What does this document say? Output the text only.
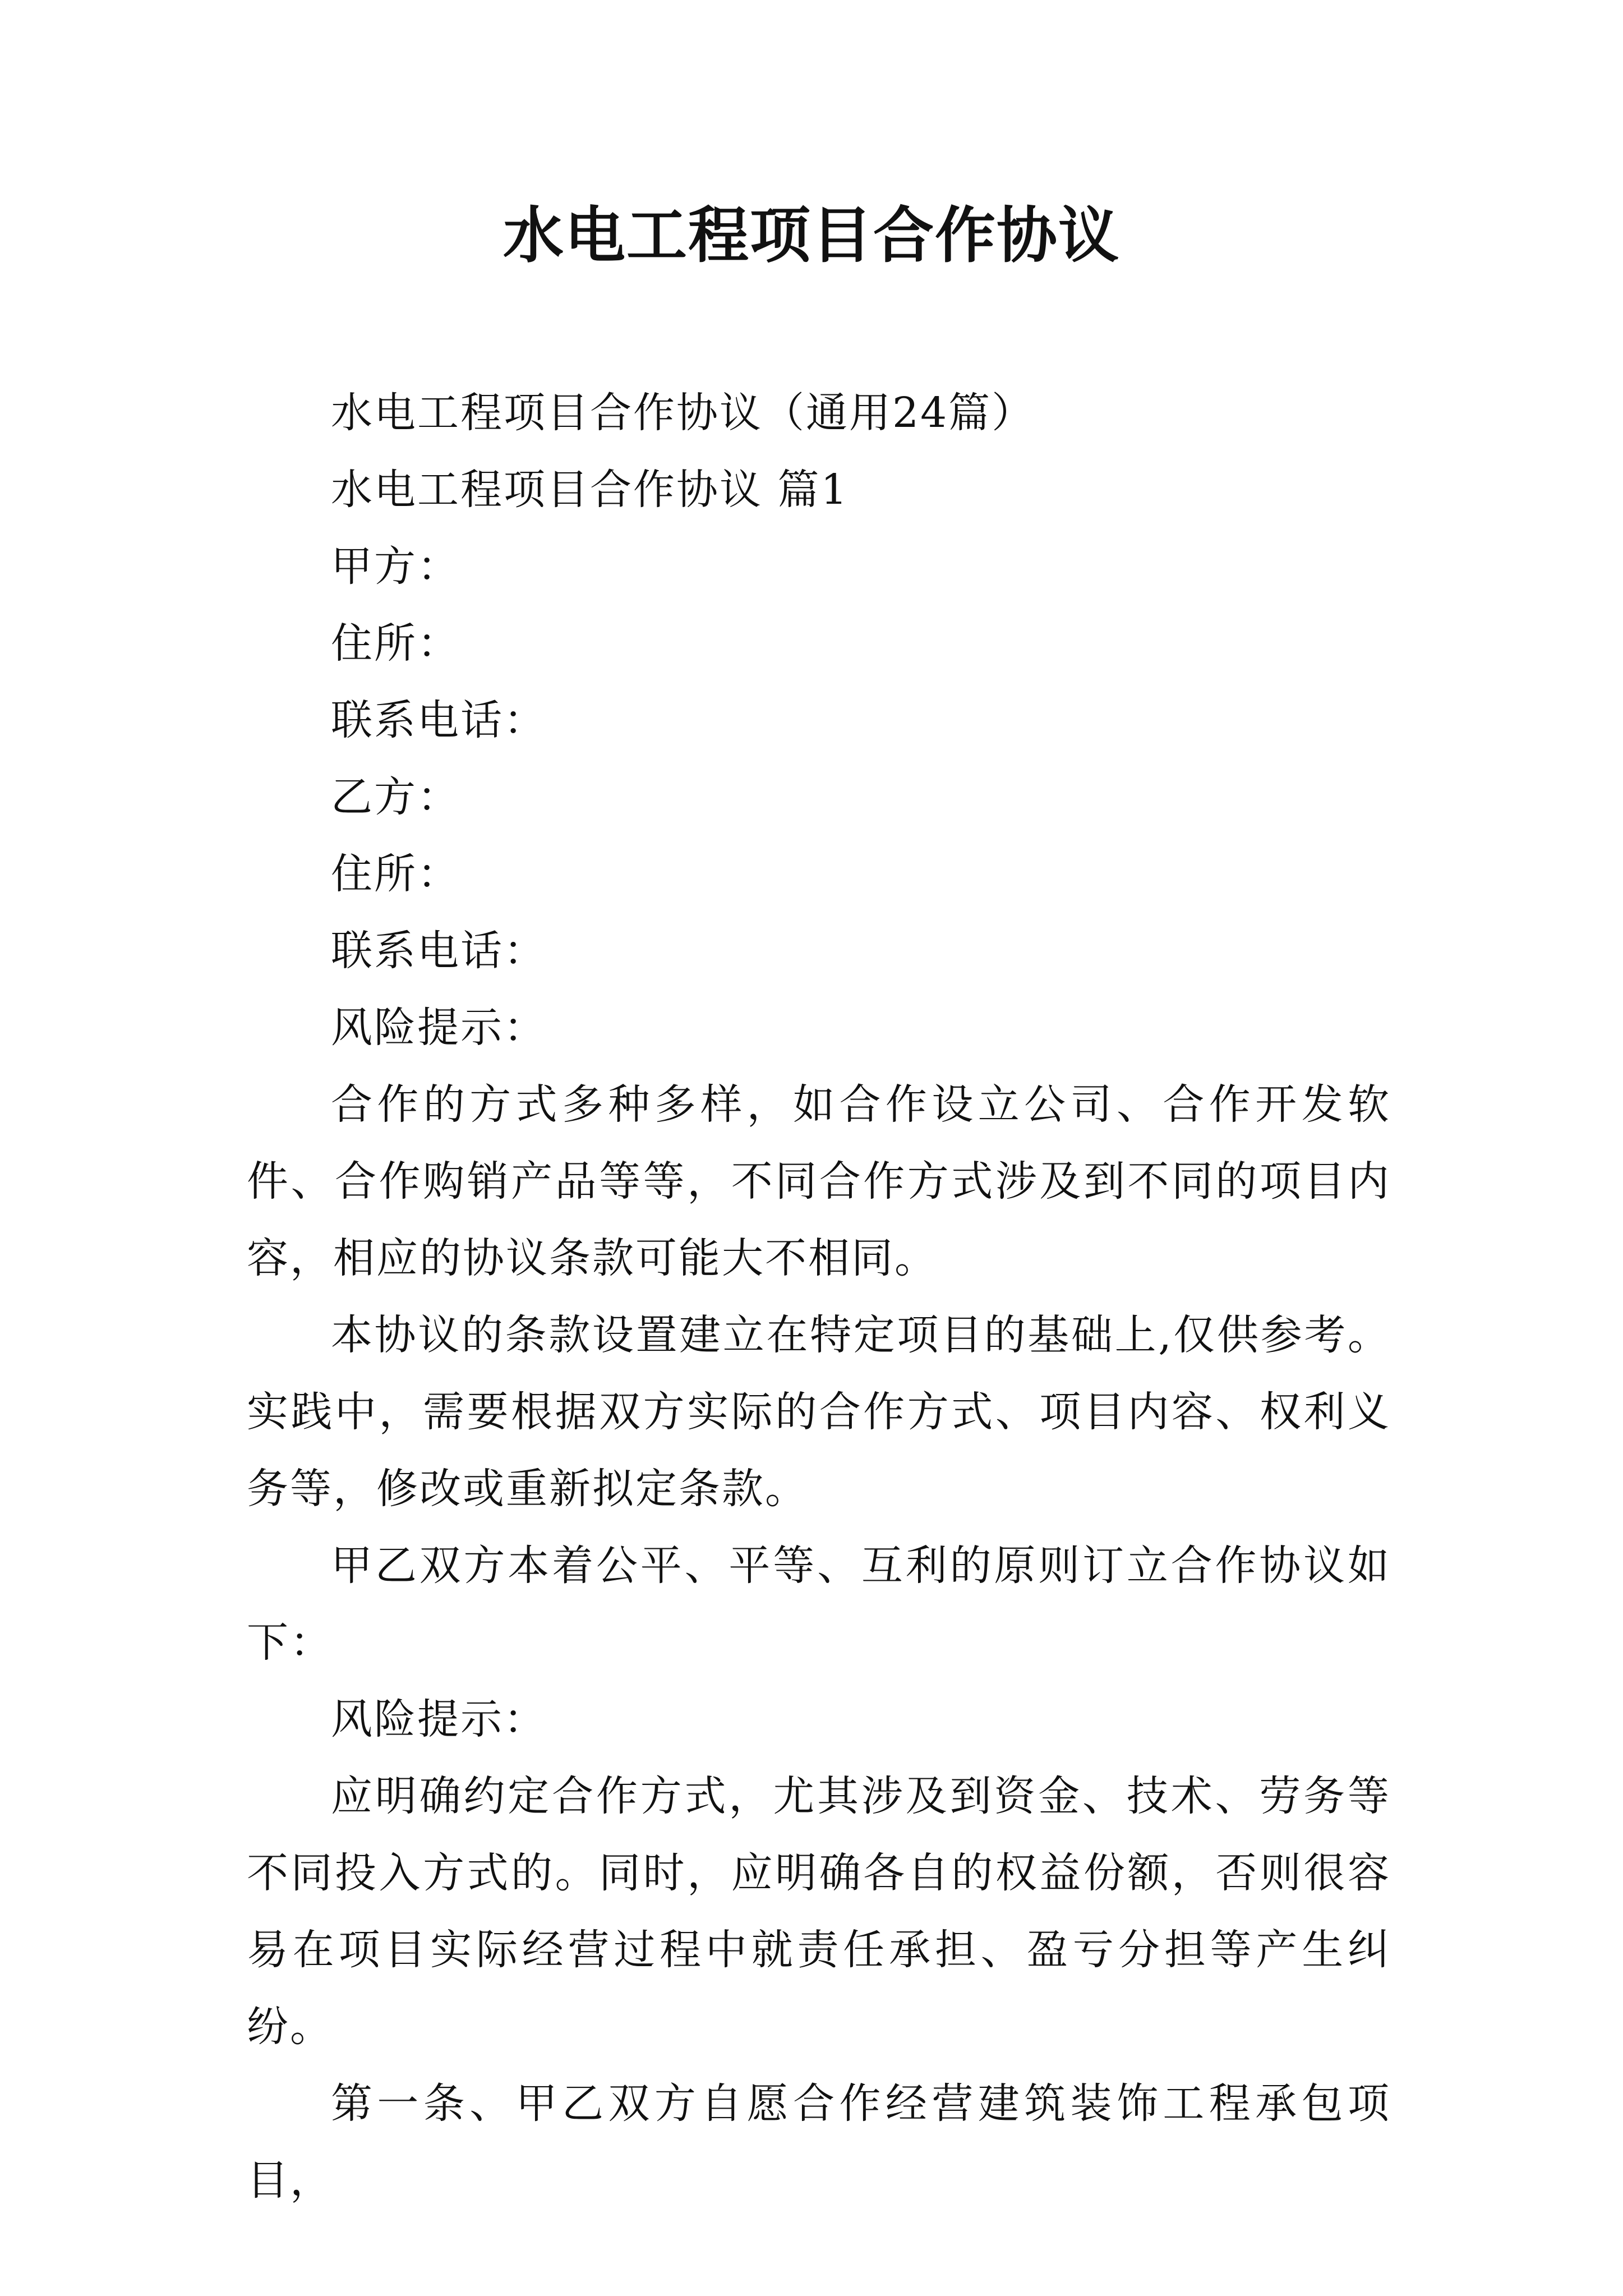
水电工程项目合作协议

水电工程项目合作协议（通用24篇）

水电工程项目合作协议 篇1

甲方：

住所：

联系电话：

乙方：

住所：

联系电话：

风险提示：

合作的方式多种多样，如合作设立公司、合作开发软件、合作购销产品等等，不同合作方式涉及到不同的项目内容，相应的协议条款可能大不相同。

本协议的条款设置建立在特定项目的基础上,仅供参考。实践中，需要根据双方实际的合作方式、项目内容、权利义务等，修改或重新拟定条款。

甲乙双方本着公平、平等、互利的原则订立合作协议如下：

风险提示：

应明确约定合作方式，尤其涉及到资金、技术、劳务等不同投入方式的。同时，应明确各自的权益份额，否则很容易在项目实际经营过程中就责任承担、盈亏分担等产生纠纷。

第一条、甲乙双方自愿合作经营建筑装饰工程承包项目，
